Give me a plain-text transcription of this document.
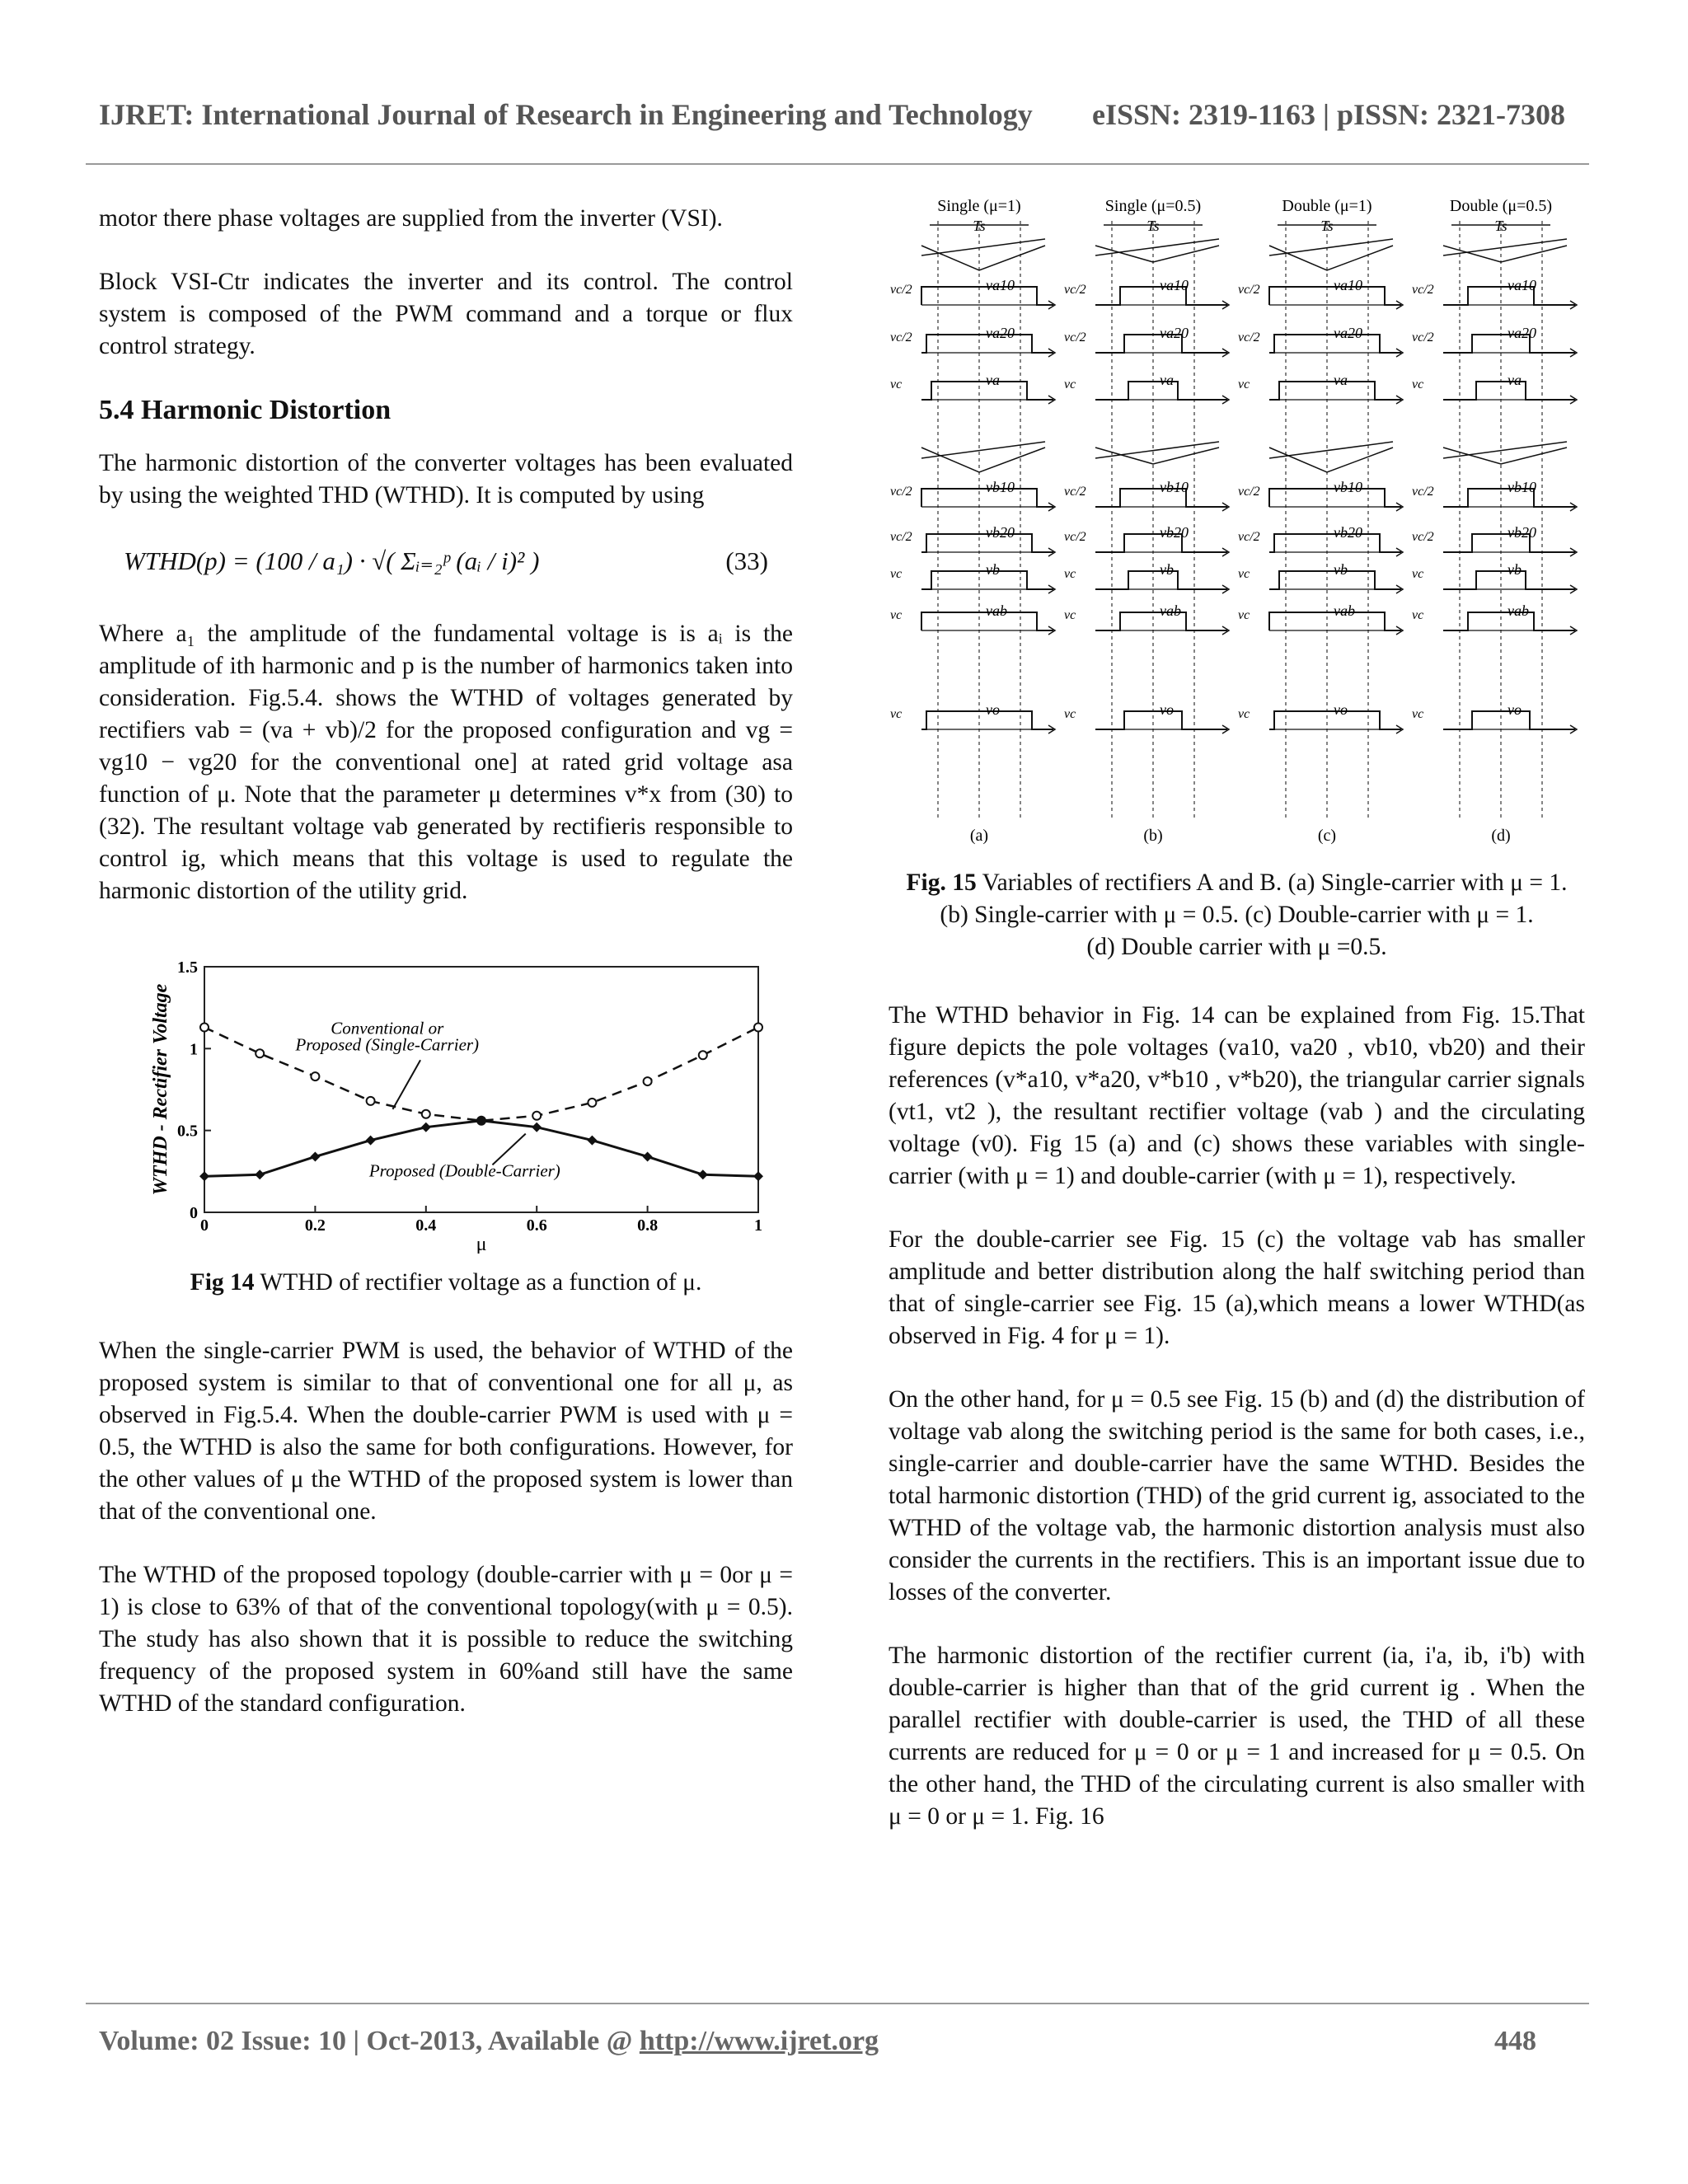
IJRET: International Journal of Research in Engineering and Technology eISSN: 2319-1163 | pISSN: 2321-7308

motor there phase voltages are supplied from the inverter (VSI).

Block VSI-Ctr indicates the inverter and its control. The control system is composed of the PWM command and a torque or flux control strategy.

5.4 Harmonic Distortion

The harmonic distortion of the converter voltages has been evaluated by using the weighted THD (WTHD). It is computed by using

WTHD(p) = (100 / a₁) · √( Σᵢ₌₂ᵖ (aᵢ / i)² )	(33)

Where a₁ the amplitude of the fundamental voltage is is aᵢ is the amplitude of ith harmonic and p is the number of harmonics taken into consideration. Fig.5.4. shows the WTHD of voltages generated by rectifiers vab = (va + vb)/2 for the proposed configuration and vg = vg10 − vg20 for the conventional one] at rated grid voltage asa function of μ. Note that the parameter μ determines v*x from (30) to (32). The resultant voltage vab generated by rectifieris responsible to control ig, which means that this voltage is used to regulate the harmonic distortion of the utility grid.

0	0.2	0.4	0.6	0.8	1
0
0.5
1
1.5
μ
WTHD - Rectifier Voltage	Conventional or
Proposed (Single-Carrier)
Proposed (Double-Carrier)
Fig 14 WTHD of rectifier voltage as a function of μ.

When the single-carrier PWM is used, the behavior of WTHD of the proposed system is similar to that of conventional one for all μ, as observed in Fig.5.4. When the double-carrier PWM is used with μ = 0.5, the WTHD is also the same for both configurations. However, for the other values of μ the WTHD of the proposed system is lower than that of the conventional one.

The WTHD of the proposed topology (double-carrier with μ = 0or μ = 1) is close to 63% of that of the conventional topology(with μ = 0.5). The study has also shown that it is possible to reduce the switching frequency of the proposed system in 60%and still have the same WTHD of the standard configuration.

Single (μ=1)
(a)
Ts
va10
vc/2
va20
vc/2
va
vc
vb10
vc/2
vb20
vc/2
vb
vc
vab
vc
vo
vc
Single (μ=0.5)
(b)
Ts
va10
vc/2
va20
vc/2
va
vc
vb10
vc/2
vb20
vc/2
vb
vc
vab
vc
vo
vc
Double (μ=1)
(c)
Ts
va10
vc/2
va20
vc/2
va
vc
vb10
vc/2
vb20
vc/2
vb
vc
vab
vc
vo
vc
Double (μ=0.5)
(d)
Ts
va10
vc/2
va20
vc/2
va
vc
vb10
vc/2
vb20
vc/2
vb
vc
vab
vc
vo
vc
Fig. 15 Variables of rectifiers A and B. (a) Single-carrier with μ = 1.
(b) Single-carrier with μ = 0.5. (c) Double-carrier with μ = 1.
(d) Double carrier with μ =0.5.

The WTHD behavior in Fig. 14 can be explained from Fig. 15.That figure depicts the pole voltages (va10, va20 , vb10, vb20) and their references (v*a10, v*a20, v*b10 , v*b20), the triangular carrier signals (vt1, vt2 ), the resultant rectifier voltage (vab ) and the circulating voltage (v0). Fig 15 (a) and (c) shows these variables with single-carrier (with μ = 1) and double-carrier (with μ = 1), respectively.

For the double-carrier see Fig. 15 (c) the voltage vab has smaller amplitude and better distribution along the half switching period than that of single-carrier see Fig. 15 (a),which means a lower WTHD(as observed in Fig. 4 for μ = 1).

On the other hand, for μ = 0.5 see Fig. 15 (b) and (d) the distribution of voltage vab along the switching period is the same for both cases, i.e., single-carrier and double-carrier have the same WTHD. Besides the total harmonic distortion (THD) of the grid current ig, associated to the WTHD of the voltage vab, the harmonic distortion analysis must also consider the currents in the rectifiers. This is an important issue due to losses of the converter.

The harmonic distortion of the rectifier current (ia, i'a, ib, i'b) with double-carrier is higher than that of the grid current ig . When the parallel rectifier with double-carrier is used, the THD of all these currents are reduced for μ = 0 or μ = 1 and increased for μ = 0.5. On the other hand, the THD of the circulating current is also smaller with μ = 0 or μ = 1. Fig. 16

Volume: 02 Issue: 10 | Oct-2013, Available @ http://www.ijret.org	448
